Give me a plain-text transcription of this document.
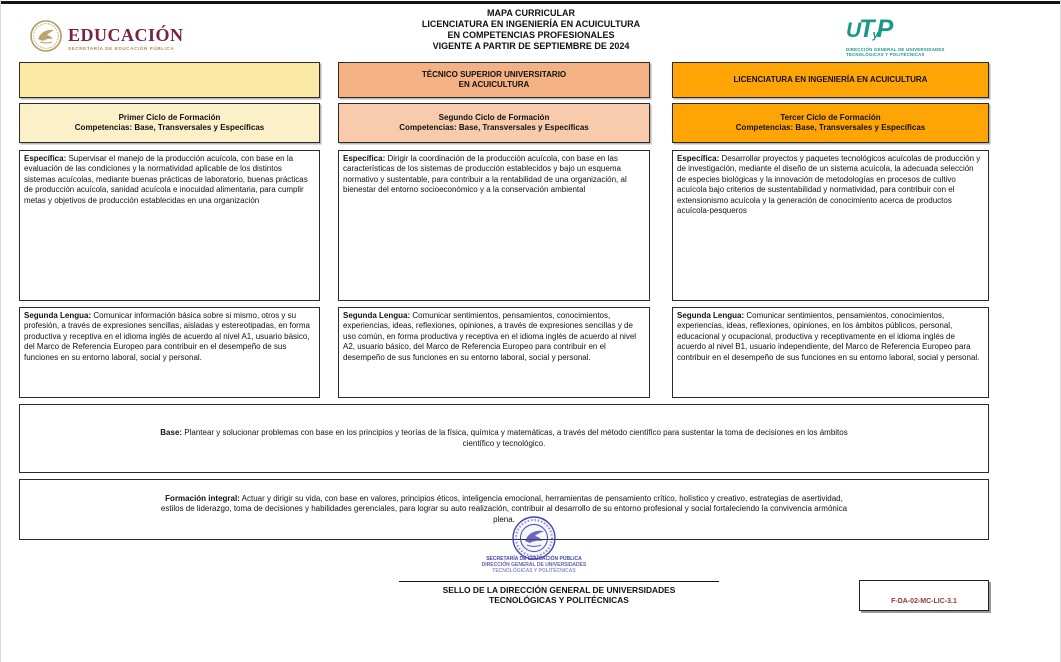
EDUCACIÓN
SECRETARÍA DE EDUCACIÓN PÚBLICA
MAPA CURRICULAR
LICENCIATURA EN INGENIERÍA EN ACUICULTURA
EN COMPETENCIAS PROFESIONALES
VIGENTE A PARTIR DE SEPTIEMBRE DE 2024
UTyP
DIRECCIÓN GENERAL DE UNIVERSIDADES
TECNOLÓGICAS Y POLITÉCNICAS
TÉCNICO SUPERIOR UNIVERSITARIO
EN ACUICULTURA
LICENCIATURA EN INGENIERÍA EN ACUICULTURA
Primer Ciclo de Formación
Competencias: Base, Transversales y Específicas
Segundo Ciclo de Formación
Competencias: Base, Transversales y Específicas
Tercer Ciclo de Formación
Competencias: Base, Transversales y Específicas
Específica: Supervisar el manejo de la producción acuícola, con base en la evaluación de las condiciones y la normatividad aplicable de los distintos sistemas acuícolas, mediante buenas prácticas de laboratorio, buenas prácticas de producción acuícola, sanidad acuícola e inocuidad alimentaria, para cumplir metas y objetivos de producción establecidas en una organización
Específica: Dirigir la coordinación de la producción acuícola, con base en las características de los sistemas de producción establecidos y bajo un esquema normativo y sustentable, para contribuir a la rentabilidad de una organización, al bienestar del entorno socioeconómico y a la conservación ambiental
Específica: Desarrollar proyectos y paquetes tecnológicos acuícolas de producción y de investigación, mediante el diseño de un sistema acuícola, la adecuada selección de especies biológicas y la innovación de metodologías en procesos de cultivo acuícola bajo criterios de sustentabilidad y normatividad, para contribuir con el extensionismo acuícola y la generación de conocimiento acerca de productos acuícola-pesqueros
Segunda Lengua: Comunicar información básica sobre si mismo, otros y su profesión, a través de expresiones sencillas, aisladas y estereotipadas, en forma productiva y receptiva en el idioma inglés de acuerdo al nivel A1, usuario básico, del Marco de Referencia Europeo para contribuir en el desempeño de sus funciones en su entorno laboral, social y personal.
Segunda Lengua: Comunicar sentimientos, pensamientos, conocimientos, experiencias, ideas, reflexiones, opiniones, a través de expresiones sencillas y de uso común, en forma productiva y receptiva en el idioma inglés de acuerdo al nivel A2, usuario básico, del Marco de Referencia Europeo para contribuir en el desempeño de sus funciones en su entorno laboral, social y personal.
Segunda Lengua: Comunicar sentimientos, pensamientos, conocimientos, experiencias, ideas, reflexiones, opiniones, en los ámbitos públicos, personal, educacional y ocupacional, productiva y receptivamente en el idioma inglés de acuerdo al nivel B1, usuario independiente, del Marco de Referencia Europeo para contribuir en el desempeño de sus funciones en su entorno laboral, social y personal.
Base: Plantear y solucionar problemas con base en los principios y teorías de la física, química y matemáticas, a través del método científico para sustentar la toma de decisiones en los ámbitos científico y tecnológico.
Formación integral: Actuar y dirigir su vida, con base en valores, principios éticos, inteligencia emocional, herramientas de pensamiento crítico, holístico y creativo, estrategias de asertividad, estilos de liderazgo, toma de decisiones y habilidades gerenciales, para lograr su auto realización, contribuir al desarrollo de su entorno profesional y social fortaleciendo la convivencia armónica plena.
SECRETARÍA DE EDUCACIÓN PÚBLICA
DIRECCIÓN GENERAL DE UNIVERSIDADES
TECNOLÓGICAS Y POLITÉCNICAS
SELLO DE LA DIRECCIÓN GENERAL DE UNIVERSIDADES
TECNOLÓGICAS Y POLITÉCNICAS	F-DA-02-MC-LIC-3.1
